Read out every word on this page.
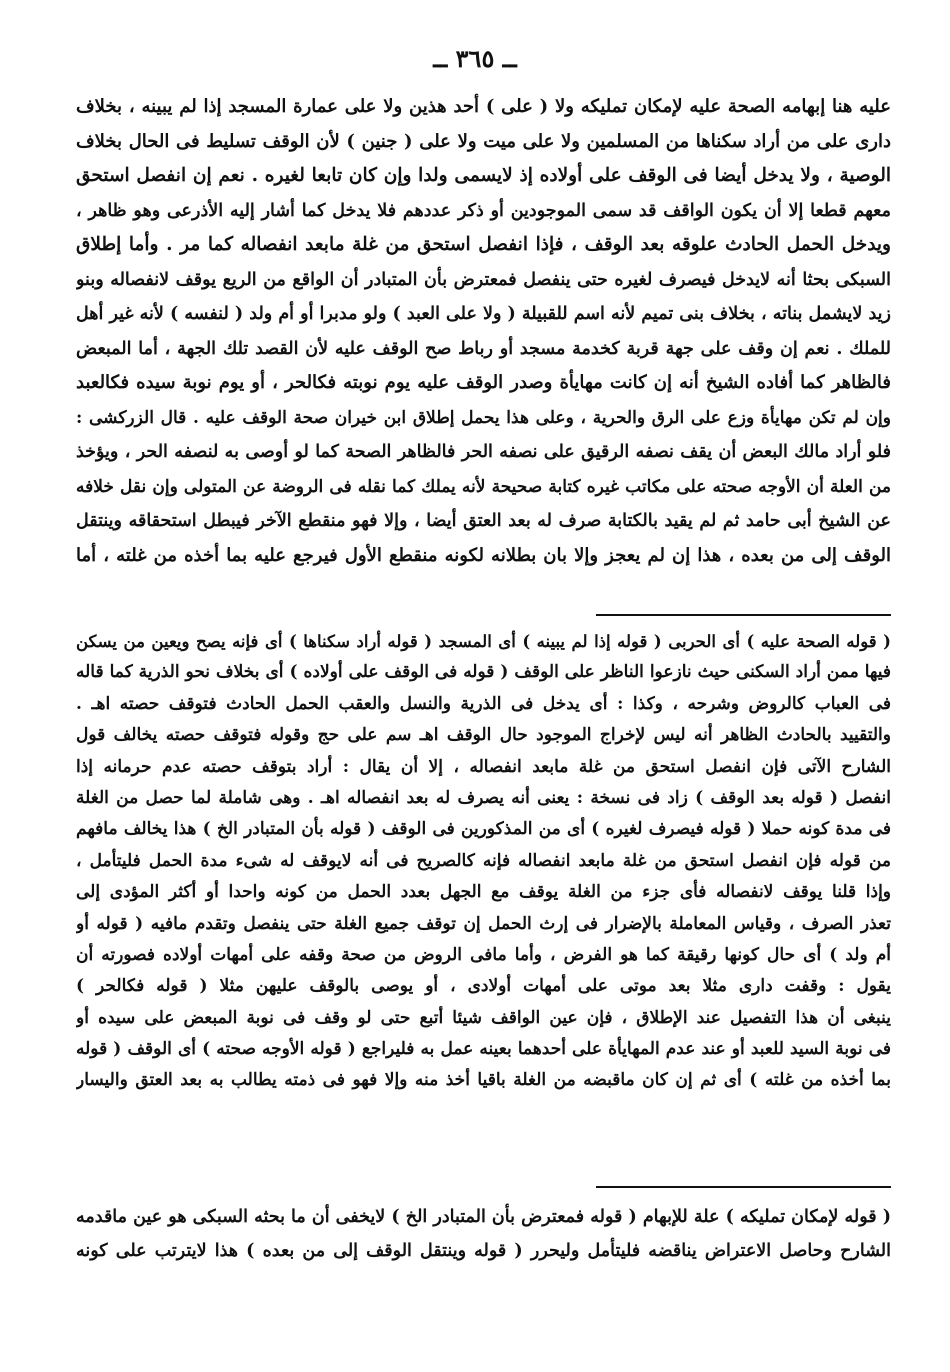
ــ ٣٦٥ ــ
عليه هنا إبهامه الصحة عليه لإمكان تمليكه ولا ( على ) أحد هذين ولا على عمارة المسجد إذا لم يبينه ، بخلاف
دارى على من أراد سكناها من المسلمين ولا على ميت ولا على ( جنين ) لأن الوقف تسليط فى الحال بخلاف
الوصية ، ولا يدخل أيضا فى الوقف على أولاده إذ لايسمى ولدا وإن كان تابعا لغيره . نعم إن انفصل استحق
معهم قطعا إلا أن يكون الواقف قد سمى الموجودين أو ذكر عددهم فلا يدخل كما أشار إليه الأذرعى وهو ظاهر ،
ويدخل الحمل الحادث علوقه بعد الوقف ، فإذا انفصل استحق من غلة مابعد انفصاله كما مر . وأما إطلاق
السبكى بحثا أنه لايدخل فيصرف لغيره حتى ينفصل فمعترض بأن المتبادر أن الواقع من الريع يوقف لانفصاله وبنو
زيد لايشمل بناته ، بخلاف بنى تميم لأنه اسم للقبيلة ( ولا على العبد ) ولو مدبرا أو أم ولد ( لنفسه ) لأنه غير أهل
للملك . نعم إن وقف على جهة قربة كخدمة مسجد أو رباط صح الوقف عليه لأن القصد تلك الجهة ، أما المبعض
فالظاهر كما أفاده الشيخ أنه إن كانت مهايأة وصدر الوقف عليه يوم نوبته فكالحر ، أو يوم نوبة سيده فكالعبد
وإن لم تكن مهايأة وزع على الرق والحرية ، وعلى هذا يحمل إطلاق ابن خيران صحة الوقف عليه . قال الزركشى :
فلو أراد مالك البعض أن يقف نصفه الرقيق على نصفه الحر فالظاهر الصحة كما لو أوصى به لنصفه الحر ، ويؤخذ
من العلة أن الأوجه صحته على مكاتب غيره كتابة صحيحة لأنه يملك كما نقله فى الروضة عن المتولى وإن نقل خلافه
عن الشيخ أبى حامد ثم لم يقيد بالكتابة صرف له بعد العتق أيضا ، وإلا فهو منقطع الآخر فيبطل استحقاقه وينتقل
الوقف إلى من بعده ، هذا إن لم يعجز وإلا بان بطلانه لكونه منقطع الأول فيرجع عليه بما أخذه من غلته ، أما
( قوله الصحة عليه ) أى الحربى ( قوله إذا لم يبينه ) أى المسجد ( قوله أراد سكناها ) أى فإنه يصح ويعين من يسكن
فيها ممن أراد السكنى حيث نازعوا الناظر على الوقف ( قوله فى الوقف على أولاده ) أى بخلاف نحو الذرية كما قاله
فى العباب كالروض وشرحه ، وكذا : أى يدخل فى الذرية والنسل والعقب الحمل الحادث فتوقف حصته اهـ .
والتقييد بالحادث الظاهر أنه ليس لإخراج الموجود حال الوقف اهـ سم على حج وقوله فتوقف حصته يخالف قول
الشارح الآتى فإن انفصل استحق من غلة مابعد انفصاله ، إلا أن يقال : أراد بتوقف حصته عدم حرمانه إذا
انفصل ( قوله بعد الوقف ) زاد فى نسخة : يعنى أنه يصرف له بعد انفصاله اهـ . وهى شاملة لما حصل من الغلة
فى مدة كونه حملا ( قوله فيصرف لغيره ) أى من المذكورين فى الوقف ( قوله بأن المتبادر الخ ) هذا يخالف مافهم
من قوله فإن انفصل استحق من غلة مابعد انفصاله فإنه كالصريح فى أنه لايوقف له شىء مدة الحمل فليتأمل ،
وإذا قلنا يوقف لانفصاله فأى جزء من الغلة يوقف مع الجهل بعدد الحمل من كونه واحدا أو أكثر المؤدى إلى
تعذر الصرف ، وقياس المعاملة بالإضرار فى إرث الحمل إن توقف جميع الغلة حتى ينفصل وتقدم مافيه ( قوله أو
أم ولد ) أى حال كونها رقيقة كما هو الفرض ، وأما مافى الروض من صحة وقفه على أمهات أولاده فصورته أن
يقول : وقفت دارى مثلا بعد موتى على أمهات أولادى ، أو يوصى بالوقف عليهن مثلا ( قوله فكالحر )
ينبغى أن هذا التفصيل عند الإطلاق ، فإن عين الواقف شيئا أتبع حتى لو وقف فى نوبة المبعض على سيده أو
فى نوبة السيد للعبد أو عند عدم المهايأة على أحدهما بعينه عمل به فليراجع ( قوله الأوجه صحته ) أى الوقف ( قوله
بما أخذه من غلته ) أى ثم إن كان ماقبضه من الغلة باقيا أخذ منه وإلا فهو فى ذمته يطالب به بعد العتق واليسار
( قوله لإمكان تمليكه ) علة للإبهام ( قوله فمعترض بأن المتبادر الخ ) لايخفى أن ما بحثه السبكى هو عين ماقدمه
الشارح وحاصل الاعتراض يناقضه فليتأمل وليحرر ( قوله وينتقل الوقف إلى من بعده ) هذا لايترتب على كونه
